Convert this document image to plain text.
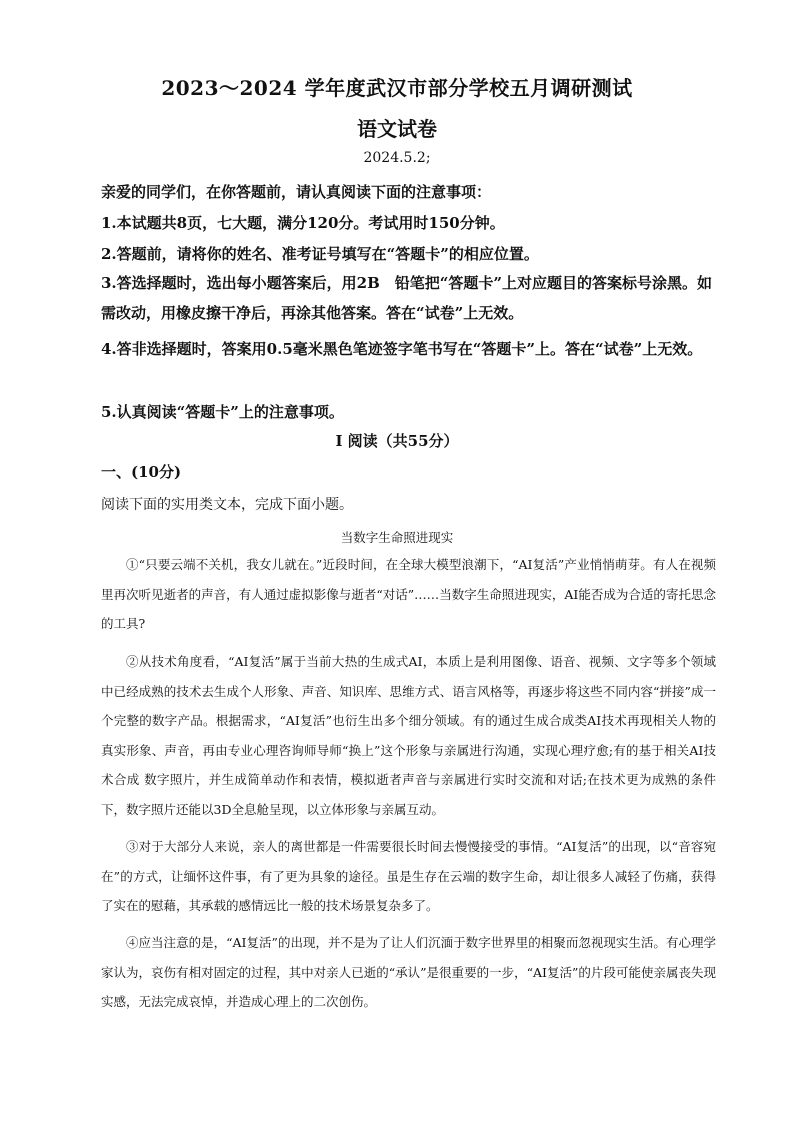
2023～2024 学年度武汉市部分学校五月调研测试
语文试卷
2024.5.2;
亲爱的同学们，在你答题前，请认真阅读下面的注意事项：
1.本试题共8页，七大题，满分120分。考试用时150分钟。
2.答题前，请将你的姓名、准考证号填写在“答题卡”的相应位置。
3.答选择题时，选出每小题答案后，用2B　铅笔把“答题卡”上对应题目的答案标号涂黑。如需改动，用橡皮擦干净后，再涂其他答案。答在“试卷”上无效。
4.答非选择题时，答案用0.5毫米黑色笔迹签字笔书写在“答题卡”上。答在“试卷”上无效。
5.认真阅读“答题卡”上的注意事项。
I 阅读（共55分）
一、(10分)
阅读下面的实用类文本，完成下面小题。
当数字生命照进现实
①“只要云端不关机，我女儿就在。”近段时间，在全球大模型浪潮下，“AI复活”产业悄悄萌芽。有人在视频里再次听见逝者的声音，有人通过虚拟影像与逝者“对话”……当数字生命照进现实，AI能否成为合适的寄托思念的工具?
②从技术角度看，“AI复活”属于当前大热的生成式AI，本质上是利用图像、语音、视频、文字等多个领域中已经成熟的技术去生成个人形象、声音、知识库、思维方式、语言风格等，再逐步将这些不同内容“拼接”成一个完整的数字产品。根据需求，“AI复活”也衍生出多个细分领域。有的通过生成合成类AI技术再现相关人物的真实形象、声音，再由专业心理咨询师导师“换上”这个形象与亲属进行沟通，实现心理疗愈;有的基于相关AI技术合成 数字照片，并生成简单动作和表情，模拟逝者声音与亲属进行实时交流和对话;在技术更为成熟的条件下，数字照片还能以3D全息舱呈现，以立体形象与亲属互动。
③对于大部分人来说，亲人的离世都是一件需要很长时间去慢慢接受的事情。“AI复活”的出现，以“音容宛在”的方式，让缅怀这件事，有了更为具象的途径。虽是生存在云端的数字生命，却让很多人减轻了伤痛，获得了实在的慰藉，其承载的感情远比一般的技术场景复杂多了。
④应当注意的是，“AI复活”的出现，并不是为了让人们沉湎于数字世界里的相聚而忽视现实生活。有心理学家认为，哀伤有相对固定的过程，其中对亲人已逝的“承认”是很重要的一步，“AI复活”的片段可能使亲属丧失现实感，无法完成哀悼，并造成心理上的二次创伤。
